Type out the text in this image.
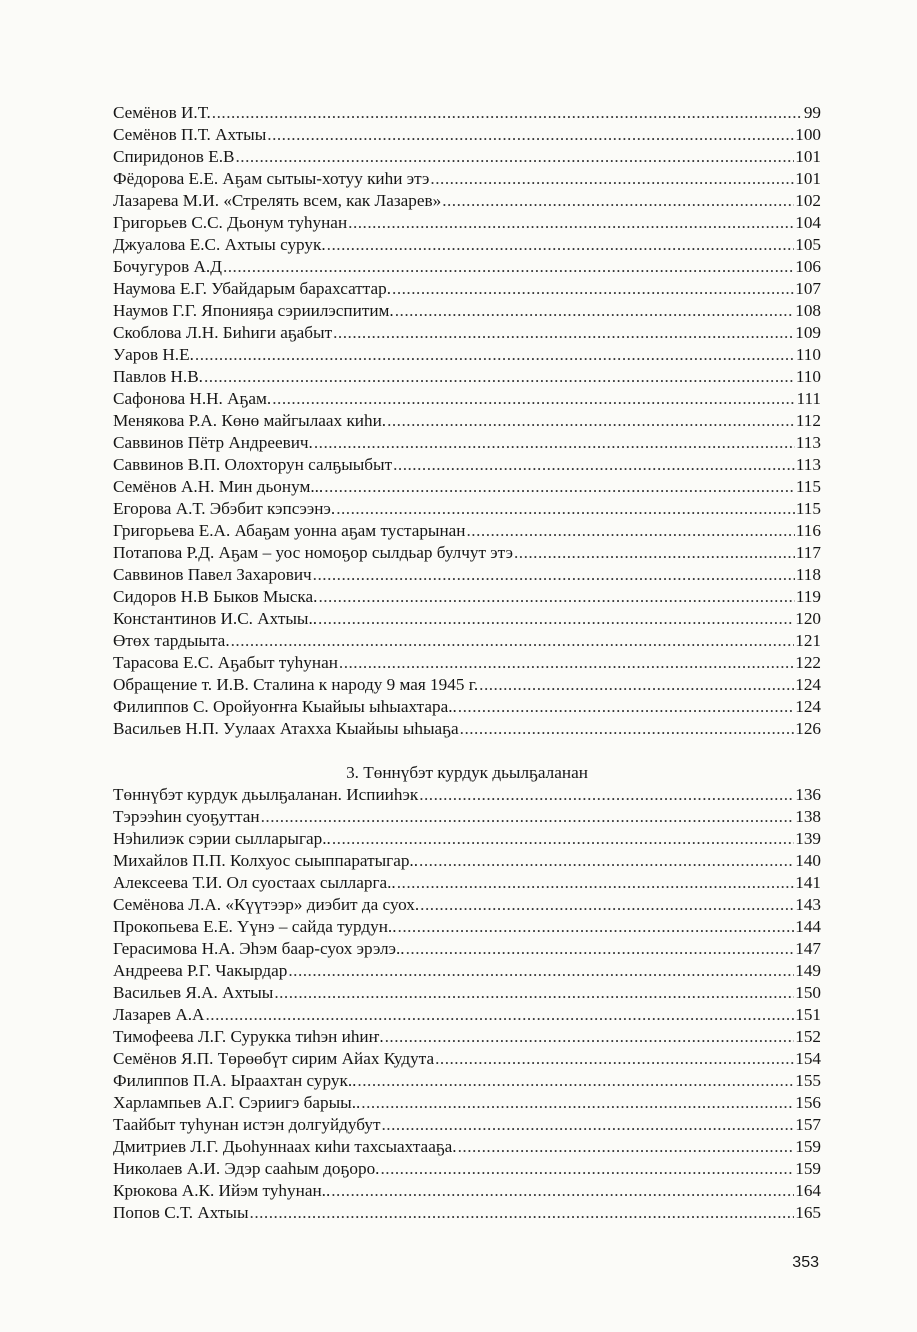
Семёнов И.Т. .....	99
Семёнов П.Т. Ахтыы .....	100
Спиридонов Е.В .....	101
Фёдорова Е.Е. Аҕам сытыы-хотуу киһи этэ .....	101
Лазарева М.И. «Стрелять всем, как Лазарев» .....	102
Григорьев С.С. Дьонум туһунан .....	104
Джуалова Е.С. Ахтыы сурук. .....	105
Бочугуров А.Д .....	106
Наумова Е.Г. Убайдарым барахсаттар. .....	107
Наумов Г.Г. Японияҕа сэриилэспитим. .....	108
Скоблова Л.Н. Биһиги аҕабыт .....	109
Уаров Н.Е. .....	110
Павлов Н.В. .....	110
Сафонова Н.Н. Аҕам. .....	111
Менякова Р.А. Көнө майгылаах киһи. .....	112
Саввинов Пётр Андреевич. .....	113
Саввинов В.П. Олохторун салҕыыбыт .....	113
Семёнов А.Н. Мин дьонум... .....	115
Егорова А.Т. Эбэбит кэпсээнэ. .....	115
Григорьева Е.А. Абаҕам уонна аҕам тустарынан .....	116
Потапова Р.Д. Аҕам – уос номоҕор сылдьар булчут этэ .....	117
Саввинов Павел Захарович .....	118
Сидоров Н.В Быков Мыска. .....	119
Константинов И.С. Ахтыы.. .....	120
Өтөх тардыыта. .....	121
Тарасова Е.С. Аҕабыт туһунан .....	122
Обращение т. И.В. Сталина к народу 9 мая 1945 г. .....	124
Филиппов С. Оройуоҥҥа Кыайыы ыһыахтара.. .....	124
Васильев Н.П. Уулаах Атахха Кыайыы ыһыаҕа .....	126
3. Төннүбэт курдук дьылҕаланан
Төннүбэт курдук дьылҕаланан. Испииһэк .....	136
Тэрээһин суоҕуттан .....	138
Нэһилиэк сэрии сылларыгар.. .....	139
Михайлов П.П. Колхуос сыыппаратыгар.. .....	140
Алексеева Т.И. Ол суостаах сылларга.. .....	141
Семёнова Л.А. «Күүтээр» диэбит да суох. .....	143
Прокопьева Е.Е. Үүнэ – сайда турдун.. .....	144
Герасимова Н.А. Эһэм баар-суох эрэлэ.. .....	147
Андреева Р.Г. Чакырдар .....	149
Васильев Я.А. Ахтыы .....	150
Лазарев А.А .....	151
Тимофеева Л.Г. Сурукка тиһэн иһиҥ. .....	152
Семёнов Я.П. Төрөөбүт сирим Айах Кудута .....	154
Филиппов П.А. Ыраахтан сурук.. .....	155
Харлампьев А.Г. Сэриигэ барыы.. .....	156
Таайбыт туһунан истэн долгуйдубут .....	157
Дмитриев Л.Г. Дьоһуннаах киһи тахсыахтааҕа. .....	159
Николаев А.И. Эдэр сааһым доҕоро. .....	159
Крюкова А.К. Ийэм туһунан.. .....	164
Попов С.Т. Ахтыы .....	165
353
